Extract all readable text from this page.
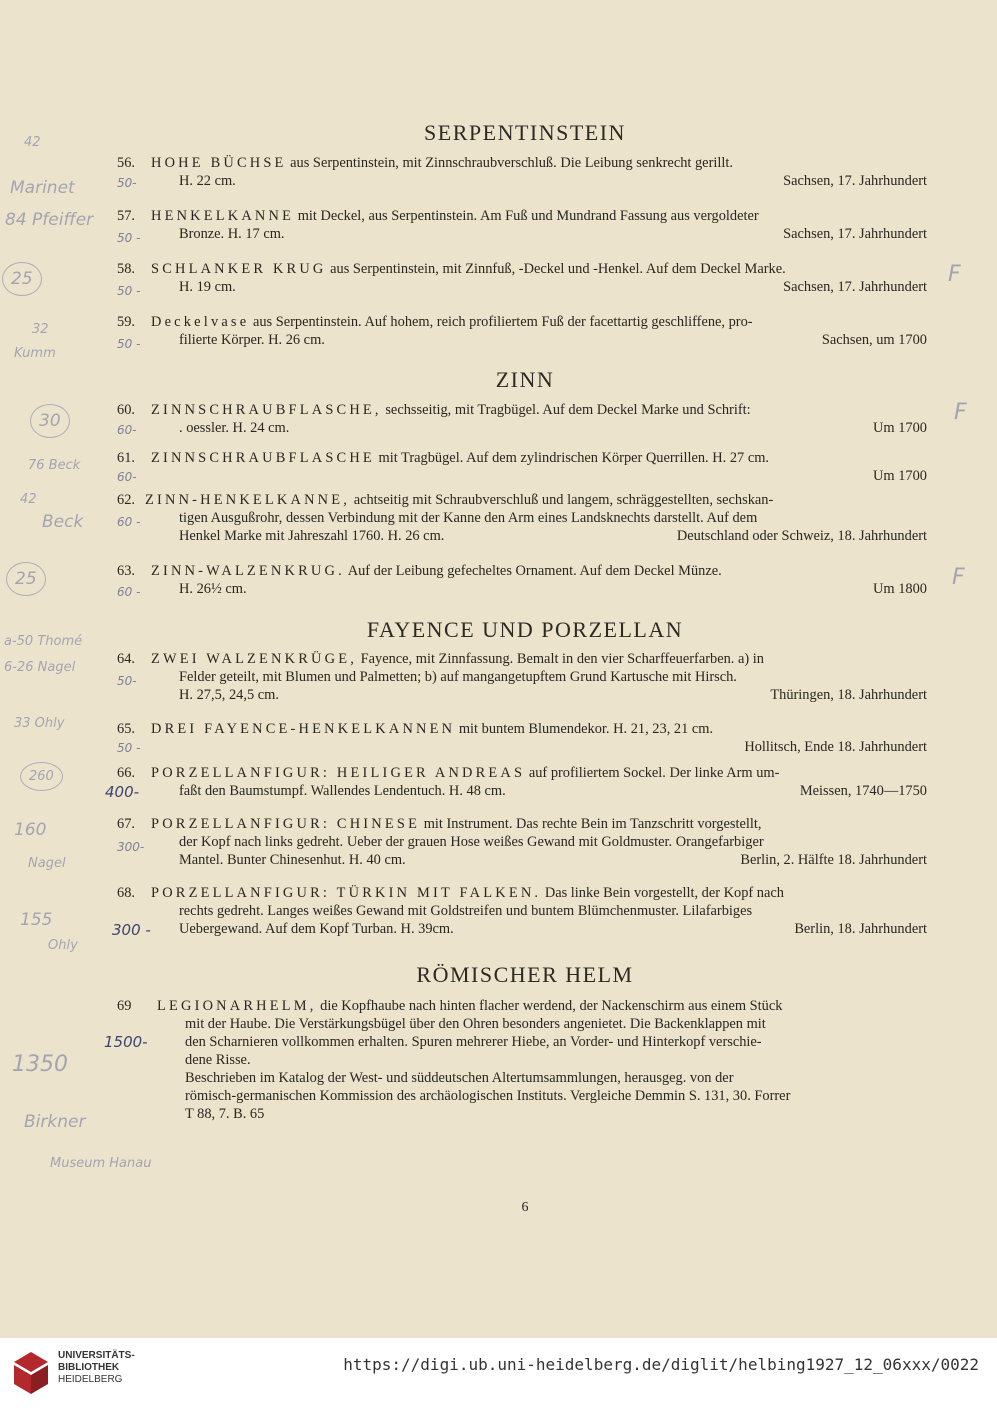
SERPENTINSTEIN
ZINN
FAYENCE UND PORZELLAN
RÖMISCHER HELM
56. HOHE BÜCHSE aus Serpentinstein, mit Zinnschraubverschluß. Die Leibung senkrecht gerillt.
H. 22 cm.	Sachsen, 17. Jahrhundert
57. HENKELKANNE mit Deckel, aus Serpentinstein. Am Fuß und Mundrand Fassung aus vergoldeter
Bronze. H. 17 cm.	Sachsen, 17. Jahrhundert
58. SCHLANKER KRUG aus Serpentinstein, mit Zinnfuß, -Deckel und -Henkel. Auf dem Deckel Marke.
H. 19 cm.	Sachsen, 17. Jahrhundert
59. Deckelvase aus Serpentinstein. Auf hohem, reich profiliertem Fuß der facettartig geschliffene, pro-
filierte Körper. H. 26 cm.	Sachsen, um 1700
60. ZINNSCHRAUBFLASCHE, sechsseitig, mit Tragbügel. Auf dem Deckel Marke und Schrift:
. oessler. H. 24 cm.	Um 1700
61. ZINNSCHRAUBFLASCHE mit Tragbügel. Auf dem zylindrischen Körper Querrillen. H. 27 cm.
Um 1700
62. ZINN-HENKELKANNE, achtseitig mit Schraubverschluß und langem, schräggestellten, sechskan-
tigen Ausgußrohr, dessen Verbindung mit der Kanne den Arm eines Landsknechts darstellt. Auf dem
Henkel Marke mit Jahreszahl 1760. H. 26 cm.	Deutschland oder Schweiz, 18. Jahrhundert
63. ZINN-WALZENKRUG. Auf der Leibung gefecheltes Ornament. Auf dem Deckel Münze.
H. 26½ cm.	Um 1800
64. ZWEI WALZENKRÜGE, Fayence, mit Zinnfassung. Bemalt in den vier Scharffeuerfarben. a) in
Felder geteilt, mit Blumen und Palmetten; b) auf mangangetupftem Grund Kartusche mit Hirsch.
H. 27,5, 24,5 cm.	Thüringen, 18. Jahrhundert
65. DREI FAYENCE-HENKELKANNEN mit buntem Blumendekor. H. 21, 23, 21 cm.
Hollitsch, Ende 18. Jahrhundert
66. PORZELLANFIGUR: HEILIGER ANDREAS auf profiliertem Sockel. Der linke Arm um-
faßt den Baumstumpf. Wallendes Lendentuch. H. 48 cm.	Meissen, 1740—1750
67. PORZELLANFIGUR: CHINESE mit Instrument. Das rechte Bein im Tanzschritt vorgestellt,
der Kopf nach links gedreht. Ueber der grauen Hose weißes Gewand mit Goldmuster. Orangefarbiger
Mantel. Bunter Chinesenhut. H. 40 cm.	Berlin, 2. Hälfte 18. Jahrhundert
68. PORZELLANFIGUR: TÜRKIN MIT FALKEN. Das linke Bein vorgestellt, der Kopf nach
rechts gedreht. Langes weißes Gewand mit Goldstreifen und buntem Blümchenmuster. Lilafarbiges
Uebergewand. Auf dem Kopf Turban. H. 39cm.	Berlin, 18. Jahrhundert
69 LEGIONARHELM, die Kopfhaube nach hinten flacher werdend, der Nackenschirm aus einem Stück
mit der Haube. Die Verstärkungsbügel über den Ohren besonders angenietet. Die Backenklappen mit
den Scharnieren vollkommen erhalten. Spuren mehrerer Hiebe, an Vorder- und Hinterkopf verschie-
dene Risse.
Beschrieben im Katalog der West- und süddeutschen Altertumsammlungen, herausgeg. von der
römisch-germanischen Kommission des archäologischen Instituts. Vergleiche Demmin S. 131, 30. Forrer
T 88, 7. B. 65
42
Marinet
84 Pfeiffer
25
32
Kumm
30
76 Beck
42
Beck
25
a-50 Thomé
6-26 Nagel
33 Ohly
260
160
Nagel
155
Ohly
1350
Birkner
Museum Hanau
50-
50 -
50 -
50 -
60-
60-
60 -
60 -
50-
50 -
400-
300-
300 -
1500-
F
F
F
6
UNIVERSITÄTS-
BIBLIOTHEK
HEIDELBERG
https://digi.ub.uni-heidelberg.de/diglit/helbing1927_12_06xxx/0022
